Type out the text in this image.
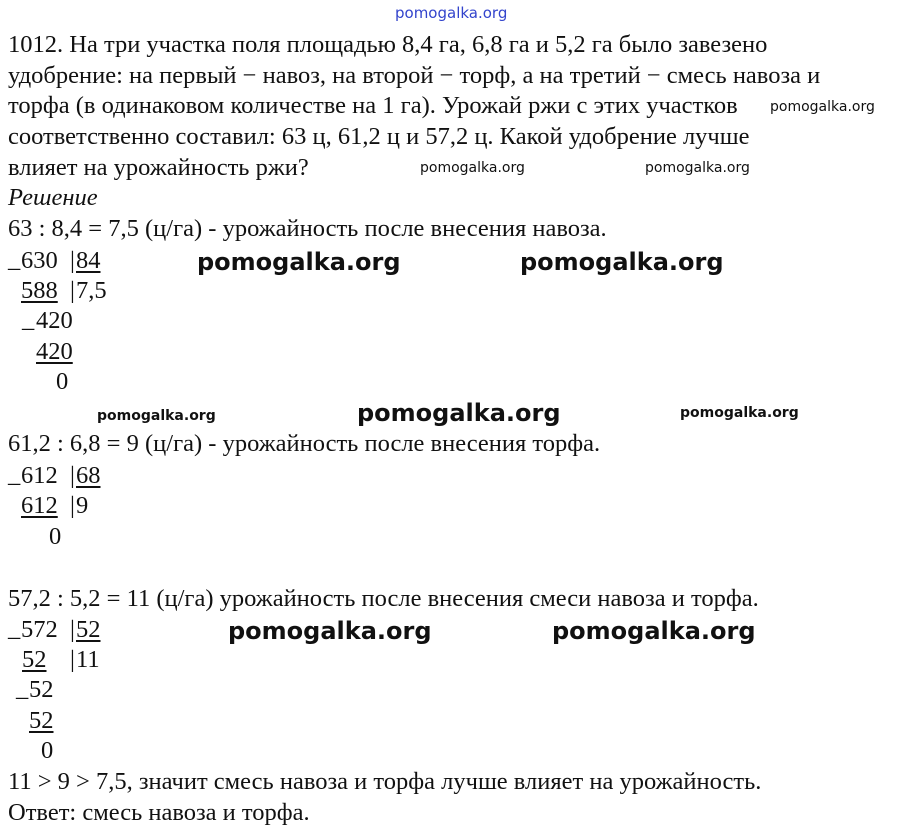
pomogalka.org
1012. На три участка поля площадью 8,4 га, 6,8 га и 5,2 га было завезено
удобрение: на первый − навоз, на второй − торф, а на третий − смесь навоза и
торфа (в одинаковом количестве на 1 га). Урожай ржи с этих участков
соответственно составил: 63 ц, 61,2 ц и 57,2 ц. Какой удобрение лучше
влияет на урожайность ржи?
pomogalka.org
pomogalka.org	pomogalka.org
Решение
63 : 8,4 = 7,5 (ц/га) - урожайность после внесения навоза.
_ 630 | 84
588 | 7,5
_ 420
420
0
pomogalka.org	pomogalka.org
pomogalka.org	pomogalka.org	pomogalka.org
61,2 : 6,8 = 9 (ц/га) - урожайность после внесения торфа.
_ 612 | 68
612 | 9
0
57,2 : 5,2 = 11 (ц/га) урожайность после внесения смеси навоза и торфа.
_ 572 | 52
52 | 11
_ 52
52
0
pomogalka.org	pomogalka.org
11 > 9 > 7,5, значит смесь навоза и торфа лучше влияет на урожайность.
Ответ: смесь навоза и торфа.
